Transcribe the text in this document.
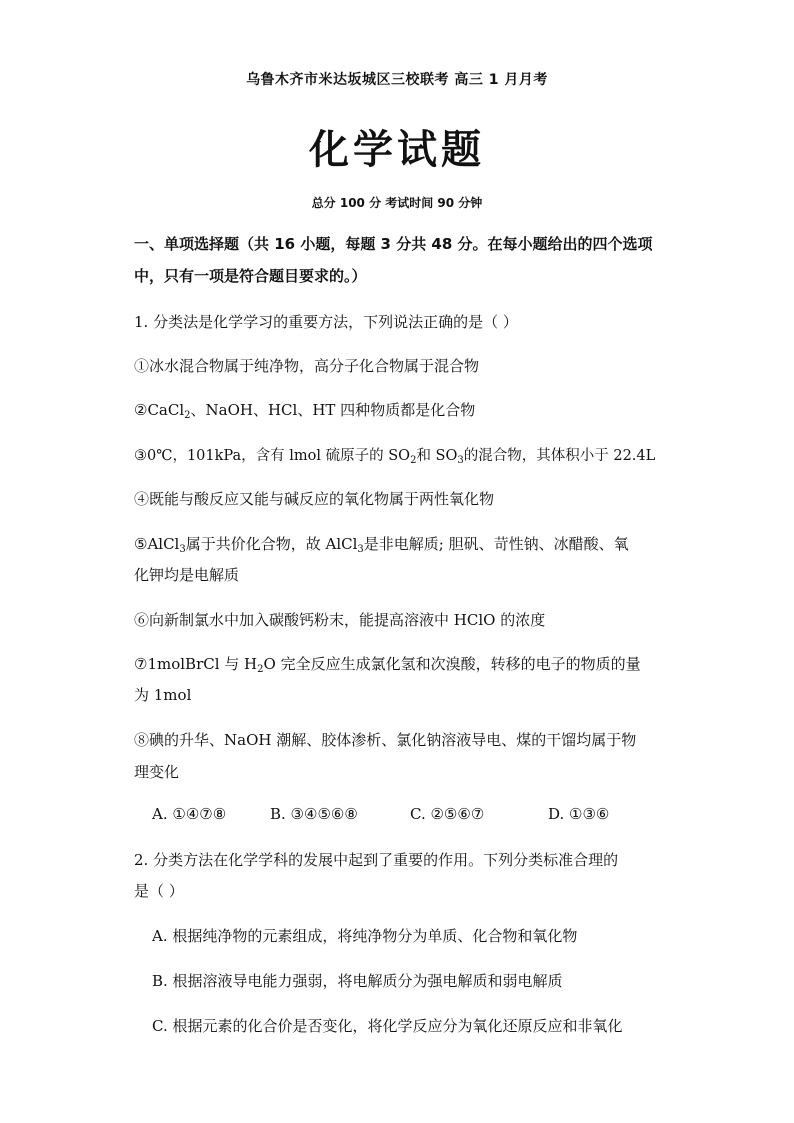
乌鲁木齐市米达坂城区三校联考 高三 1 月月考
化学试题
总分 100 分 考试时间 90 分钟
一、单项选择题（共 16 小题，每题 3 分共 48 分。在每小题给出的四个选项
中，只有一项是符合题目要求的。）
1. 分类法是化学学习的重要方法，下列说法正确的是（ ）
①冰水混合物属于纯净物，高分子化合物属于混合物
②CaCl$_2$、NaOH、HCl、HT 四种物质都是化合物
③0℃，101kPa，含有 lmol 硫原子的 $SO_2$和 $SO_3$的混合物，其体积小于 22.4L
④既能与酸反应又能与碱反应的氧化物属于两性氧化物
⑤AlCl$_3$属于共价化合物，故 AlCl$_3$是非电解质; 胆矾、苛性钠、冰醋酸、氧
化钾均是电解质
⑥向新制氯水中加入碳酸钙粉末，能提高溶液中 HClO 的浓度
⑦1molBrCl 与 $H_2O$ 完全反应生成氯化氢和次溴酸，转移的电子的物质的量
为 1mol
⑧碘的升华、NaOH 潮解、胶体渗析、氯化钠溶液导电、煤的干馏均属于物
理变化
A. ①④⑦⑧	B. ③④⑤⑥⑧	C. ②⑤⑥⑦	D. ①③⑥
2. 分类方法在化学学科的发展中起到了重要的作用。下列分类标准合理的
是（ ）
A. 根据纯净物的元素组成，将纯净物分为单质、化合物和氧化物
B. 根据溶液导电能力强弱，将电解质分为强电解质和弱电解质
C. 根据元素的化合价是否变化，将化学反应分为氧化还原反应和非氧化
